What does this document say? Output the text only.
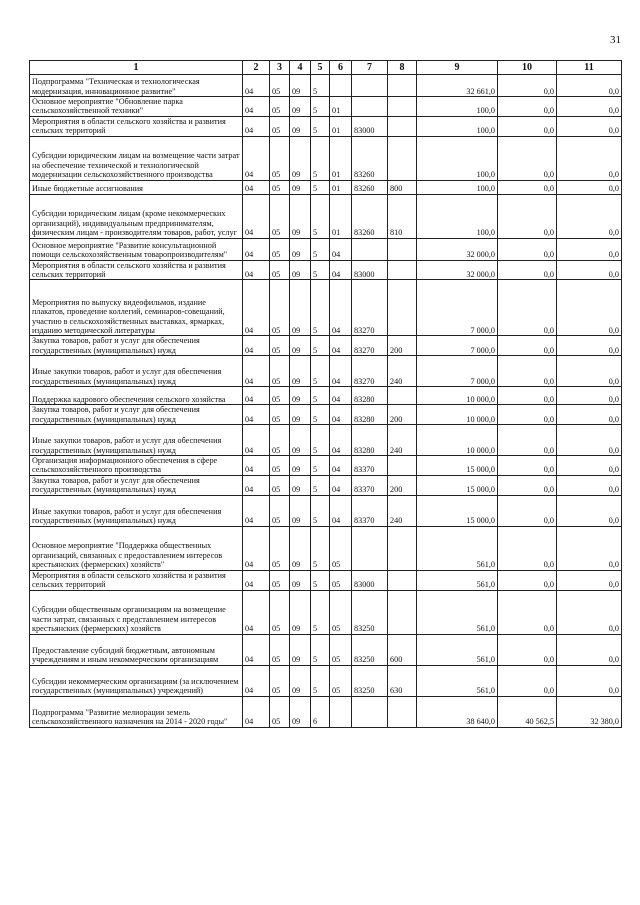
31
1	2	3	4	5	6	7	8	9	10	11
Подпрограмма "Техническая и технологическая модернизация, инновационное развитие"	04	05	09	5				32 661,0	0,0	0,0
Основное мероприятие "Обновление парка сельскохозяйственной техники"	04	05	09	5	01			100,0	0,0	0,0
Мероприятия в области сельского хозяйства и развития сельских территорий	04	05	09	5	01	83000		100,0	0,0	0,0
Субсидии юридическим лицам на возмещение части затрат на обеспечение технической и технологической модернизации сельскохозяйственного производства	04	05	09	5	01	83260		100,0	0,0	0,0
Иные бюджетные ассигнования	04	05	09	5	01	83260	800	100,0	0,0	0,0
Субсидии юридическим лицам (кроме некоммерческих организаций), индивидуальным предпринимателям, физическим лицам - производителям товаров, работ, услуг	04	05	09	5	01	83260	810	100,0	0,0	0,0
Основное мероприятие "Развитие консультационной помощи сельскохозяйственным товаропроизводителям"	04	05	09	5	04			32 000,0	0,0	0,0
Мероприятия в области сельского хозяйства и развития сельских территорий	04	05	09	5	04	83000		32 000,0	0,0	0,0
Мероприятия по выпуску видеофильмов, издание плакатов, проведение коллегий, семинаров-совещаний, участию в сельскохозяйственных выставках, ярмарках, изданию методической литературы	04	05	09	5	04	83270		7 000,0	0,0	0,0
Закупка товаров, работ и услуг для обеспечения государственных (муниципальных) нужд	04	05	09	5	04	83270	200	7 000,0	0,0	0,0
Иные закупки товаров, работ и услуг для обеспечения государственных (муниципальных) нужд	04	05	09	5	04	83270	240	7 000,0	0,0	0,0
Поддержка кадрового обеспечения сельского хозяйства	04	05	09	5	04	83280		10 000,0	0,0	0,0
Закупка товаров, работ и услуг для обеспечения государственных (муниципальных) нужд	04	05	09	5	04	83280	200	10 000,0	0,0	0,0
Иные закупки товаров, работ и услуг для обеспечения государственных (муниципальных) нужд	04	05	09	5	04	83280	240	10 000,0	0,0	0,0
Организация информационного обеспечения в сфере сельскохозяйственного производства	04	05	09	5	04	83370		15 000,0	0,0	0,0
Закупка товаров, работ и услуг для обеспечения государственных (муниципальных) нужд	04	05	09	5	04	83370	200	15 000,0	0,0	0,0
Иные закупки товаров, работ и услуг для обеспечения государственных (муниципальных) нужд	04	05	09	5	04	83370	240	15 000,0	0,0	0,0
Основное мероприятие "Поддержка общественных организаций, связанных с предоставлением интересов крестьянских (фермерских) хозяйств"	04	05	09	5	05			561,0	0,0	0,0
Мероприятия в области сельского хозяйства и развития сельских территорий	04	05	09	5	05	83000		561,0	0,0	0,0
Субсидии общественным организациям на возмещение части затрат, связанных с представлением интересов крестьянских (фермерских) хозяйств	04	05	09	5	05	83250		561,0	0,0	0,0
Предоставление субсидий бюджетным, автономным учреждениям и иным некоммерческим организациям	04	05	09	5	05	83250	600	561,0	0,0	0,0
Субсидии некоммерческим организациям (за исключением государственных (муниципальных) учреждений)	04	05	09	5	05	83250	630	561,0	0,0	0,0
Подпрограмма "Развитие мелиорации земель сельскохозяйственного назначения на 2014 - 2020 годы"	04	05	09	6				38 640,0	40 562,5	32 380,0
